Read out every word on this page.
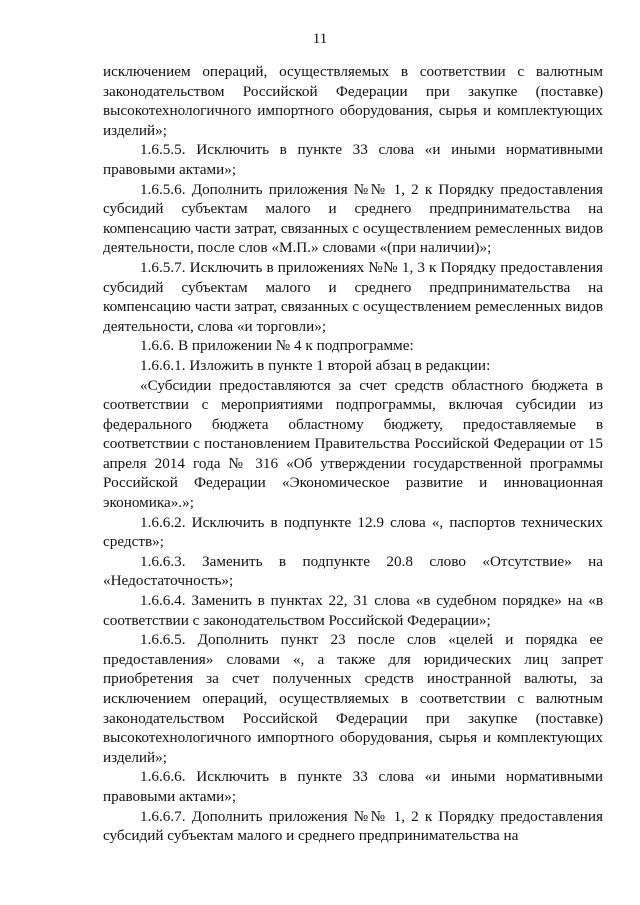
11

исключением операций, осуществляемых в соответствии с валютным законодательством Российской Федерации при закупке (поставке) высокотехнологичного импортного оборудования, сырья и комплектующих изделий»;

1.6.5.5. Исключить в пункте 33 слова «и иными нормативными правовыми актами»;

1.6.5.6. Дополнить приложения №№ 1, 2 к Порядку предоставления субсидий субъектам малого и среднего предпринимательства на компенсацию части затрат, связанных с осуществлением ремесленных видов деятельности, после слов «М.П.» словами «(при наличии)»;

1.6.5.7. Исключить в приложениях №№ 1, 3 к Порядку предоставления субсидий субъектам малого и среднего предпринимательства на компенсацию части затрат, связанных с осуществлением ремесленных видов деятельности, слова «и торговли»;

1.6.6. В приложении № 4 к подпрограмме:

1.6.6.1. Изложить в пункте 1 второй абзац в редакции:

«Субсидии предоставляются за счет средств областного бюджета в соответствии с мероприятиями подпрограммы, включая субсидии из федерального бюджета областному бюджету, предоставляемые в соответствии с постановлением Правительства Российской Федерации от 15 апреля 2014 года № 316 «Об утверждении государственной программы Российской Федерации «Экономическое развитие и инновационная экономика».»;

1.6.6.2. Исключить в подпункте 12.9 слова «, паспортов технических средств»;

1.6.6.3. Заменить в подпункте 20.8 слово «Отсутствие» на «Недостаточность»;

1.6.6.4. Заменить в пунктах 22, 31 слова «в судебном порядке» на «в соответствии с законодательством Российской Федерации»;

1.6.6.5. Дополнить пункт 23 после слов «целей и порядка ее предоставления» словами «, а также для юридических лиц запрет приобретения за счет полученных средств иностранной валюты, за исключением операций, осуществляемых в соответствии с валютным законодательством Российской Федерации при закупке (поставке) высокотехнологичного импортного оборудования, сырья и комплектующих изделий»;

1.6.6.6. Исключить в пункте 33 слова «и иными нормативными правовыми актами»;

1.6.6.7. Дополнить приложения №№ 1, 2 к Порядку предоставления субсидий субъектам малого и среднего предпринимательства на
